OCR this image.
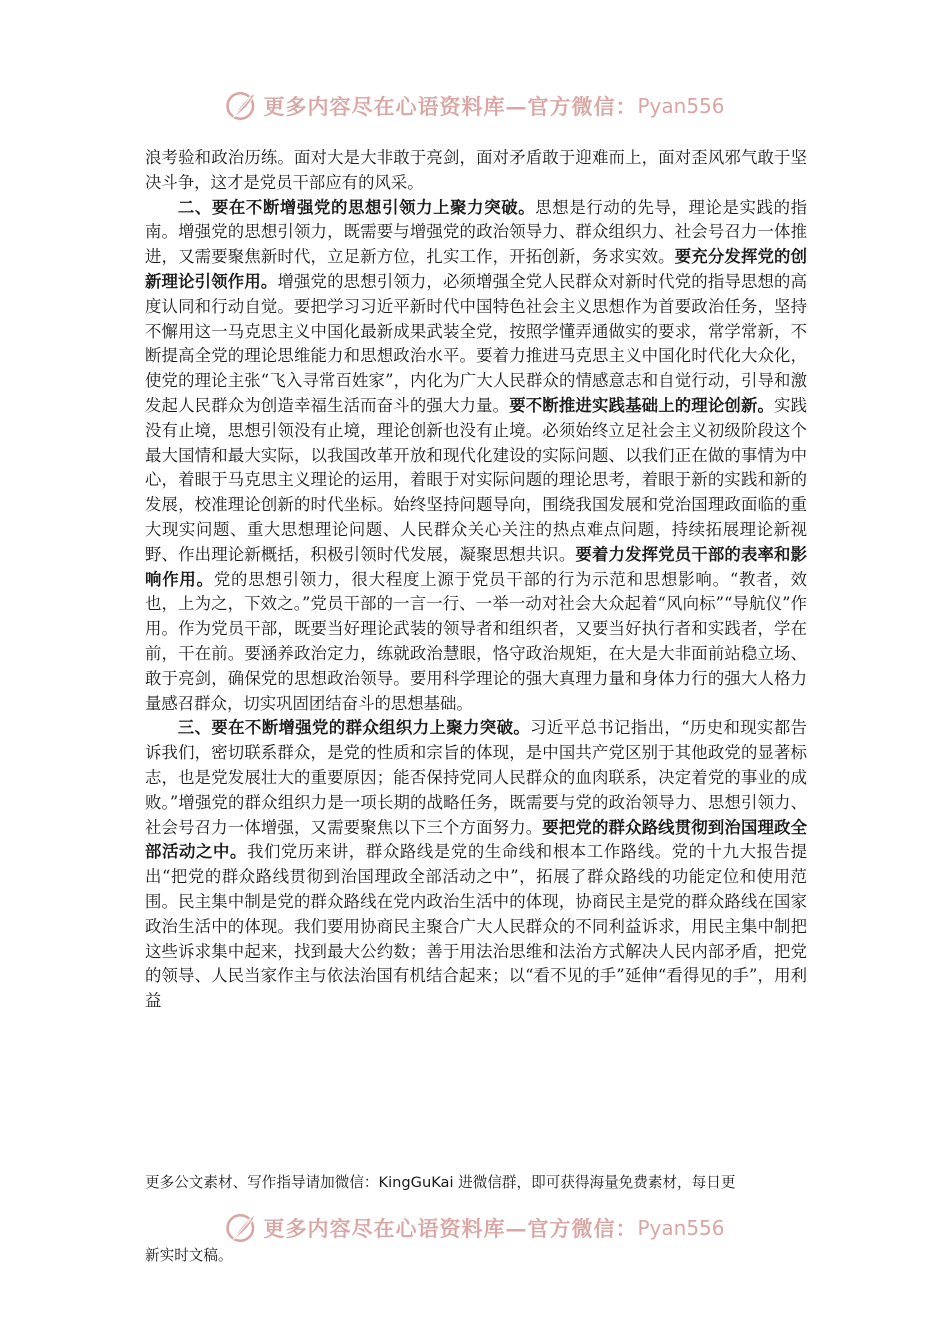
更多内容尽在心语资料库 — 官方微信： Pyan556

浪考验和政治历练。面对大是大非敢于亮剑，面对矛盾敢于迎难而上，面对歪风邪气敢于坚决斗争，这才是党员干部应有的风采。

二、要在不断增强党的思想引领力上聚力突破。思想是行动的先导，理论是实践的指南。增强党的思想引领力，既需要与增强党的政治领导力、群众组织力、社会号召力一体推进，又需要聚焦新时代，立足新方位，扎实工作，开拓创新，务求实效。要充分发挥党的创新理论引领作用。增强党的思想引领力，必须增强全党人民群众对新时代党的指导思想的高度认同和行动自觉。要把学习习近平新时代中国特色社会主义思想作为首要政治任务，坚持不懈用这一马克思主义中国化最新成果武装全党，按照学懂弄通做实的要求，常学常新，不断提高全党的理论思维能力和思想政治水平。要着力推进马克思主义中国化时代化大众化，使党的理论主张“飞入寻常百姓家”，内化为广大人民群众的情感意志和自觉行动，引导和激发起人民群众为创造幸福生活而奋斗的强大力量。要不断推进实践基础上的理论创新。实践没有止境，思想引领没有止境，理论创新也没有止境。必须始终立足社会主义初级阶段这个最大国情和最大实际，以我国改革开放和现代化建设的实际问题、以我们正在做的事情为中心，着眼于马克思主义理论的运用，着眼于对实际问题的理论思考，着眼于新的实践和新的发展，校准理论创新的时代坐标。始终坚持问题导向，围绕我国发展和党治国理政面临的重大现实问题、重大思想理论问题、人民群众关心关注的热点难点问题，持续拓展理论新视野、作出理论新概括，积极引领时代发展，凝聚思想共识。要着力发挥党员干部的表率和影响作用。党的思想引领力，很大程度上源于党员干部的行为示范和思想影响。“教者，效也，上为之，下效之。”党员干部的一言一行、一举一动对社会大众起着“风向标”“导航仪”作用。作为党员干部，既要当好理论武装的领导者和组织者，又要当好执行者和实践者，学在前，干在前。要涵养政治定力，练就政治慧眼，恪守政治规矩，在大是大非面前站稳立场、敢于亮剑，确保党的思想政治领导。要用科学理论的强大真理力量和身体力行的强大人格力量感召群众，切实巩固团结奋斗的思想基础。

三、要在不断增强党的群众组织力上聚力突破。习近平总书记指出，“历史和现实都告诉我们，密切联系群众，是党的性质和宗旨的体现，是中国共产党区别于其他政党的显著标志，也是党发展壮大的重要原因；能否保持党同人民群众的血肉联系，决定着党的事业的成败。”增强党的群众组织力是一项长期的战略任务，既需要与党的政治领导力、思想引领力、社会号召力一体增强，又需要聚焦以下三个方面努力。要把党的群众路线贯彻到治国理政全部活动之中。我们党历来讲，群众路线是党的生命线和根本工作路线。党的十九大报告提出“把党的群众路线贯彻到治国理政全部活动之中”，拓展了群众路线的功能定位和使用范围。民主集中制是党的群众路线在党内政治生活中的体现，协商民主是党的群众路线在国家政治生活中的体现。我们要用协商民主聚合广大人民群众的不同利益诉求，用民主集中制把这些诉求集中起来，找到最大公约数；善于用法治思维和法治方式解决人民内部矛盾，把党的领导、人民当家作主与依法治国有机结合起来；以“看不见的手”延伸“看得见的手”，用利益

更多公文素材、写作指导请加微信：KingGuKai 进微信群，即可获得海量免费素材，每日更
更多内容尽在心语资料库 — 官方微信： Pyan556
新实时文稿。
